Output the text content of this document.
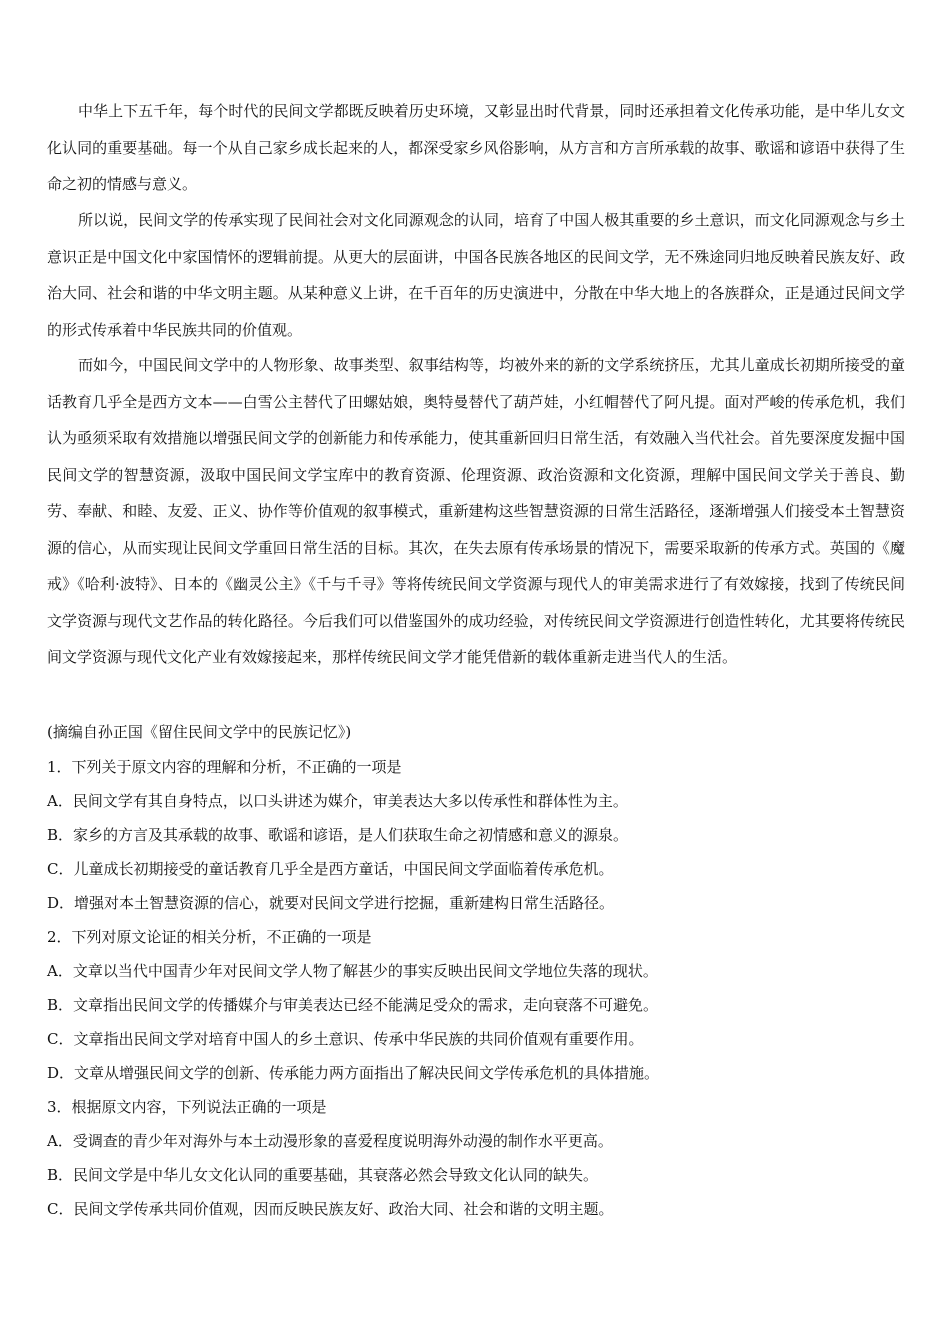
中华上下五千年，每个时代的民间文学都既反映着历史环境，又彰显出时代背景，同时还承担着文化传承功能，是中华儿女文化认同的重要基础。每一个从自己家乡成长起来的人，都深受家乡风俗影响，从方言和方言所承载的故事、歌谣和谚语中获得了生命之初的情感与意义。

所以说，民间文学的传承实现了民间社会对文化同源观念的认同，培育了中国人极其重要的乡土意识，而文化同源观念与乡土意识正是中国文化中家国情怀的逻辑前提。从更大的层面讲，中国各民族各地区的民间文学，无不殊途同归地反映着民族友好、政治大同、社会和谐的中华文明主题。从某种意义上讲，在千百年的历史演进中，分散在中华大地上的各族群众，正是通过民间文学的形式传承着中华民族共同的价值观。

而如今，中国民间文学中的人物形象、故事类型、叙事结构等，均被外来的新的文学系统挤压，尤其儿童成长初期所接受的童话教育几乎全是西方文本——白雪公主替代了田螺姑娘，奥特曼替代了葫芦娃，小红帽替代了阿凡提。面对严峻的传承危机，我们认为亟须采取有效措施以增强民间文学的创新能力和传承能力，使其重新回归日常生活，有效融入当代社会。首先要深度发掘中国民间文学的智慧资源，汲取中国民间文学宝库中的教育资源、伦理资源、政治资源和文化资源，理解中国民间文学关于善良、勤劳、奉献、和睦、友爱、正义、协作等价值观的叙事模式，重新建构这些智慧资源的日常生活路径，逐渐增强人们接受本土智慧资源的信心，从而实现让民间文学重回日常生活的目标。其次，在失去原有传承场景的情况下，需要采取新的传承方式。英国的《魔戒》《哈利·波特》、日本的《幽灵公主》《千与千寻》等将传统民间文学资源与现代人的审美需求进行了有效嫁接，找到了传统民间文学资源与现代文艺作品的转化路径。今后我们可以借鉴国外的成功经验，对传统民间文学资源进行创造性转化，尤其要将传统民间文学资源与现代文化产业有效嫁接起来，那样传统民间文学才能凭借新的载体重新走进当代人的生活。

(摘编自孙正国《留住民间文学中的民族记忆》)

1．下列关于原文内容的理解和分析，不正确的一项是

A．民间文学有其自身特点，以口头讲述为媒介，审美表达大多以传承性和群体性为主。

B．家乡的方言及其承载的故事、歌谣和谚语，是人们获取生命之初情感和意义的源泉。

C．儿童成长初期接受的童话教育几乎全是西方童话，中国民间文学面临着传承危机。

D．增强对本土智慧资源的信心，就要对民间文学进行挖掘，重新建构日常生活路径。

2．下列对原文论证的相关分析，不正确的一项是

A．文章以当代中国青少年对民间文学人物了解甚少的事实反映出民间文学地位失落的现状。

B．文章指出民间文学的传播媒介与审美表达已经不能满足受众的需求，走向衰落不可避免。

C．文章指出民间文学对培育中国人的乡土意识、传承中华民族的共同价值观有重要作用。

D．文章从增强民间文学的创新、传承能力两方面指出了解决民间文学传承危机的具体措施。

3．根据原文内容，下列说法正确的一项是

A．受调查的青少年对海外与本土动漫形象的喜爱程度说明海外动漫的制作水平更高。

B．民间文学是中华儿女文化认同的重要基础，其衰落必然会导致文化认同的缺失。

C．民间文学传承共同价值观，因而反映民族友好、政治大同、社会和谐的文明主题。
